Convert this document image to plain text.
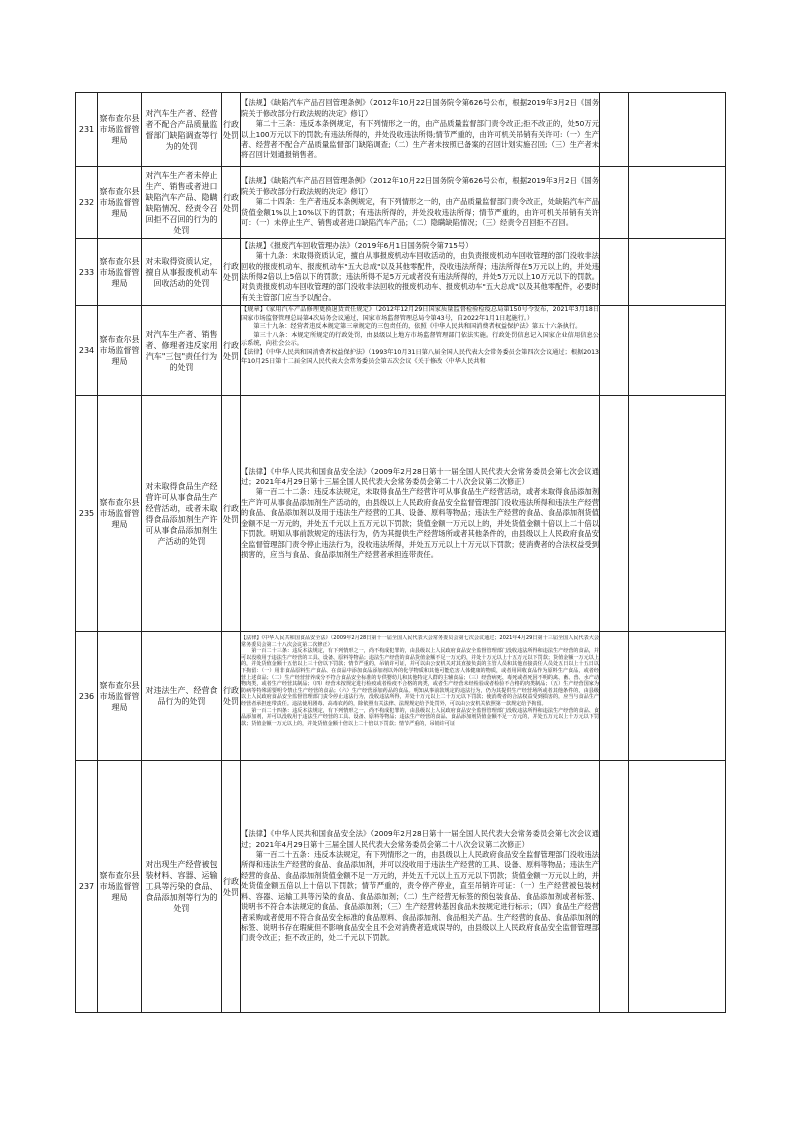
231	察布查尔县市场监督管理局	对汽车生产者、经营者不配合产品质量监督部门缺陷调查等行为的处罚	行政处罚	【法规】《缺陷汽车产品召回管理条例》（2012年10月22日国务院令第626号公布，根据2019年3月2日《国务院关于修改部分行政法规的决定》修订）
第二十三条：违反本条例规定，有下列情形之一的，由产品质量监督部门责令改正;拒不改正的，处50万元以上100万元以下的罚款;有违法所得的，并处没收违法所得;情节严重的，由许可机关吊销有关许可:（一）生产者、经营者不配合产品质量监督部门缺陷调查;（二）生产者未按照已备案的召回计划实施召回;（三）生产者未将召回计划通报销售者。		

232	察布查尔县市场监督管理局	对汽车生产者未停止生产、销售或者进口缺陷汽车产品、隐瞒缺陷情况、经责令召回拒不召回的行为的处罚	行政处罚	【法规】《缺陷汽车产品召回管理条例》（2012年10月22日国务院令第626号公布，根据2019年3月2日《国务院关于修改部分行政法规的决定》修订）
第二十四条：生产者违反本条例规定，有下列情形之一的，由产品质量监督部门责令改正，处缺陷汽车产品货值金额1%以上10%以下的罚款；有违法所得的，并处没收违法所得；情节严重的，由许可机关吊销有关许可：（一）未停止生产、销售或者进口缺陷汽车产品；（二）隐瞒缺陷情况；（三）经责令召回拒不召回。		

233	察布查尔县市场监督管理局	对未取得资质认定，擅自从事报废机动车回收活动的处罚	行政处罚	【法规】《报废汽车回收管理办法》（2019年6月1日国务院令第715号）
第十九条：未取得资质认定，擅自从事报废机动车回收活动的，由负责报废机动车回收管理的部门没收非法回收的报废机动车、报废机动车"五大总成"以及其他零配件，没收违法所得；违法所得在5万元以上的，并处违法所得2倍以上5倍以下的罚款；违法所得不足5万元或者没有违法所得的，并处5万元以上10万元以下的罚款。对负责报废机动车回收管理的部门没收非法回收的报废机动车、报废机动车"五大总成"以及其他零配件，必要时有关主管部门应当予以配合。		

234	察布查尔县市场监督管理局	对汽车生产者、销售者、修理者违反家用汽车"三包"责任行为的处罚	行政处罚	【规章】《家用汽车产品修理更换退货责任规定》（2012年12月29日国家质量监督检验检疫总局第150号令发布，2021年3月18日国家市场监督管理总局第4次局务会议通过，国家市场监督管理总局令第43号，自2022年1月1日起施行。）
第三十九条：经营者违反本规定第三章规定的三包责任的，依照《中华人民共和国消费者权益保护法》第五十六条执行。
第三十八条：本规定所规定的行政处罚，由县级以上地方市场监督管理部门依法实施。行政处罚信息记入国家企业信用信息公示系统，向社会公示。
【法律】《中华人民共和国消费者权益保护法》（1993年10月31日第八届全国人民代表大会常务委员会第四次会议通过；根据2013年10月25日第十二届全国人民代表大会常务委员会第五次会议《关于修改〈中华人民共和		

235	察布查尔县市场监督管理局	对未取得食品生产经营许可从事食品生产经营活动，或者未取得食品添加剂生产许可从事食品添加剂生产活动的处罚	行政处罚	【法律】《中华人民共和国食品安全法》（2009年2月28日第十一届全国人民代表大会常务委员会第七次会议通过；2021年4月29日第十三届全国人民代表大会常务委员会第二十八次会议第二次修正）
第一百二十二条：违反本法规定，未取得食品生产经营许可从事食品生产经营活动，或者未取得食品添加剂生产许可从事食品添加剂生产活动的，由县级以上人民政府食品安全监督管理部门没收违法所得和违法生产经营的食品、食品添加剂以及用于违法生产经营的工具、设备、原料等物品；违法生产经营的食品、食品添加剂货值金额不足一万元的，并处五千元以上五万元以下罚款；货值金额一万元以上的，并处货值金额十倍以上二十倍以下罚款。明知从事前款规定的违法行为，仍为其提供生产经营场所或者其他条件的，由县级以上人民政府食品安全监督管理部门责令停止违法行为，没收违法所得，并处五万元以上十万元以下罚款；使消费者的合法权益受到损害的，应当与食品、食品添加剂生产经营者承担连带责任。		

236	察布查尔县市场监督管理局	对违法生产、经营食品行为的处罚	行政处罚	【法律】《中华人民共和国食品安全法》（2009年2月28日第十一届全国人民代表大会常务委员会第七次会议通过；2021年4月29日第十三届全国人民代表大会常务委员会第二十八次会议第二次修正）
第一百二十三条：违反本法规定，有下列情形之一，尚不构成犯罪的，由县级以上人民政府食品安全监督管理部门没收违法所得和违法生产经营的食品，并可以没收用于违法生产经营的工具、设备、原料等物品；违法生产经营的食品货值金额不足一万元的，并处十万元以上十五万元以下罚款；货值金额一万元以上的，并处货值金额十五倍以上三十倍以下罚款；情节严重的，吊销许可证，并可以由公安机关对其直接负责的主管人员和其他直接责任人员处五日以上十五日以下拘留：（一）用非食品原料生产食品、在食品中添加食品添加剂以外的化学物质和其他可能危害人体健康的物质，或者用回收食品作为原料生产食品，或者经营上述食品；（二）生产经营营养成分不符合食品安全标准的专供婴幼儿和其他特定人群的主辅食品；（三）经营病死、毒死或者死因不明的禽、畜、兽、水产动物肉类，或者生产经营其制品；（四）经营未按规定进行检疫或者检疫不合格的肉类，或者生产经营未经检验或者检验不合格的肉类制品；（五）生产经营国家为防病等特殊需要明令禁止生产经营的食品；（六）生产经营添加药品的食品。明知从事前款规定的违法行为，仍为其提供生产经营场所或者其他条件的，由县级以上人民政府食品安全监督管理部门责令停止违法行为，没收违法所得，并处十万元以上二十万元以下罚款；使消费者的合法权益受到损害的，应当与食品生产经营者承担连带责任。违法使用剧毒、高毒农药的，除依照有关法律、法规规定给予处罚外，可以由公安机关依照第一款规定给予拘留。
第一百二十四条：违反本法规定，有下列情形之一，尚不构成犯罪的，由县级以上人民政府食品安全监督管理部门没收违法所得和违法生产经营的食品、食品添加剂，并可以没收用于违法生产经营的工具、设备、原料等物品；违法生产经营的食品、食品添加剂货值金额不足一万元的，并处五万元以上十万元以下罚款；货值金额一万元以上的，并处货值金额十倍以上二十倍以下罚款；情节严重的，吊销许可证		

237	察布查尔县市场监督管理局	对出现生产经营被包装材料、容器、运输工具等污染的食品、食品添加剂等行为的处罚	行政处罚	【法律】《中华人民共和国食品安全法》（2009年2月28日第十一届全国人民代表大会常务委员会第七次会议通过；2021年4月29日第十三届全国人民代表大会常务委员会第二十八次会议第二次修正）
第一百二十五条：违反本法规定，有下列情形之一的，由县级以上人民政府食品安全监督管理部门没收违法所得和违法生产经营的食品、食品添加剂，并可以没收用于违法生产经营的工具、设备、原料等物品；违法生产经营的食品、食品添加剂货值金额不足一万元的，并处五千元以上五万元以下罚款；货值金额一万元以上的，并处货值金额五倍以上十倍以下罚款；情节严重的，责令停产停业，直至吊销许可证：（一）生产经营被包装材料、容器、运输工具等污染的食品、食品添加剂；（二）生产经营无标签的预包装食品、食品添加剂或者标签、说明书不符合本法规定的食品、食品添加剂；（三）生产经营转基因食品未按规定进行标示；（四）食品生产经营者采购或者使用不符合食品安全标准的食品原料、食品添加剂、食品相关产品。生产经营的食品、食品添加剂的标签、说明书存在瑕疵但不影响食品安全且不会对消费者造成误导的，由县级以上人民政府食品安全监督管理部门责令改正；拒不改正的，处二千元以下罚款。		
